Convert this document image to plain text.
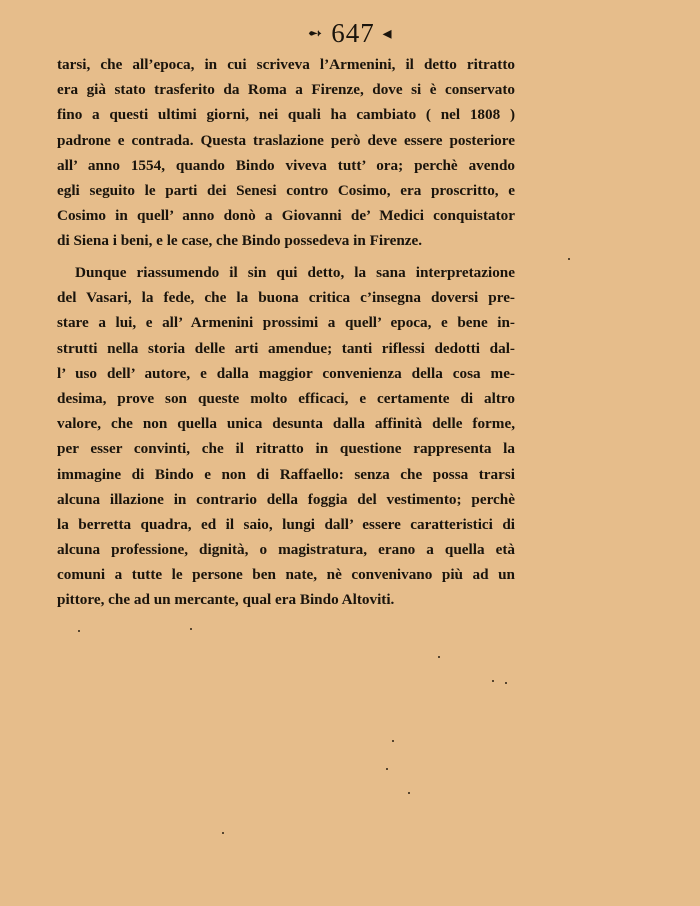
➻ 647 ◂
tarsi, che all’epoca, in cui scriveva l’Armenini, il detto ritratto
era già stato trasferito da Roma a Firenze, dove si è conservato
fino a questi ultimi giorni, nei quali ha cambiato ( nel 1808 )
padrone e contrada. Questa traslazione però deve essere posteriore
all’ anno 1554, quando Bindo viveva tutt’ ora; perchè avendo
egli seguito le parti dei Senesi contro Cosimo, era proscritto, e
Cosimo in quell’ anno donò a Giovanni de’ Medici conquistator
di Siena i beni, e le case, che Bindo possedeva in Firenze.
Dunque riassumendo il sin qui detto, la sana interpretazione
del Vasari, la fede, che la buona critica c’insegna doversi pre-
stare a lui, e all’ Armenini prossimi a quell’ epoca, e bene in-
strutti nella storia delle arti amendue; tanti riflessi dedotti dal-
l’ uso dell’ autore, e dalla maggior convenienza della cosa me-
desima, prove son queste molto efficaci, e certamente di altro
valore, che non quella unica desunta dalla affinità delle forme,
per esser convinti, che il ritratto in questione rappresenta la
immagine di Bindo e non di Raffaello: senza che possa trarsi
alcuna illazione in contrario della foggia del vestimento; perchè
la berretta quadra, ed il saio, lungi dall’ essere caratteristici di
alcuna professione, dignità, o magistratura, erano a quella età
comuni a tutte le persone ben nate, nè convenivano più ad un
pittore, che ad un mercante, qual era Bindo Altoviti.
